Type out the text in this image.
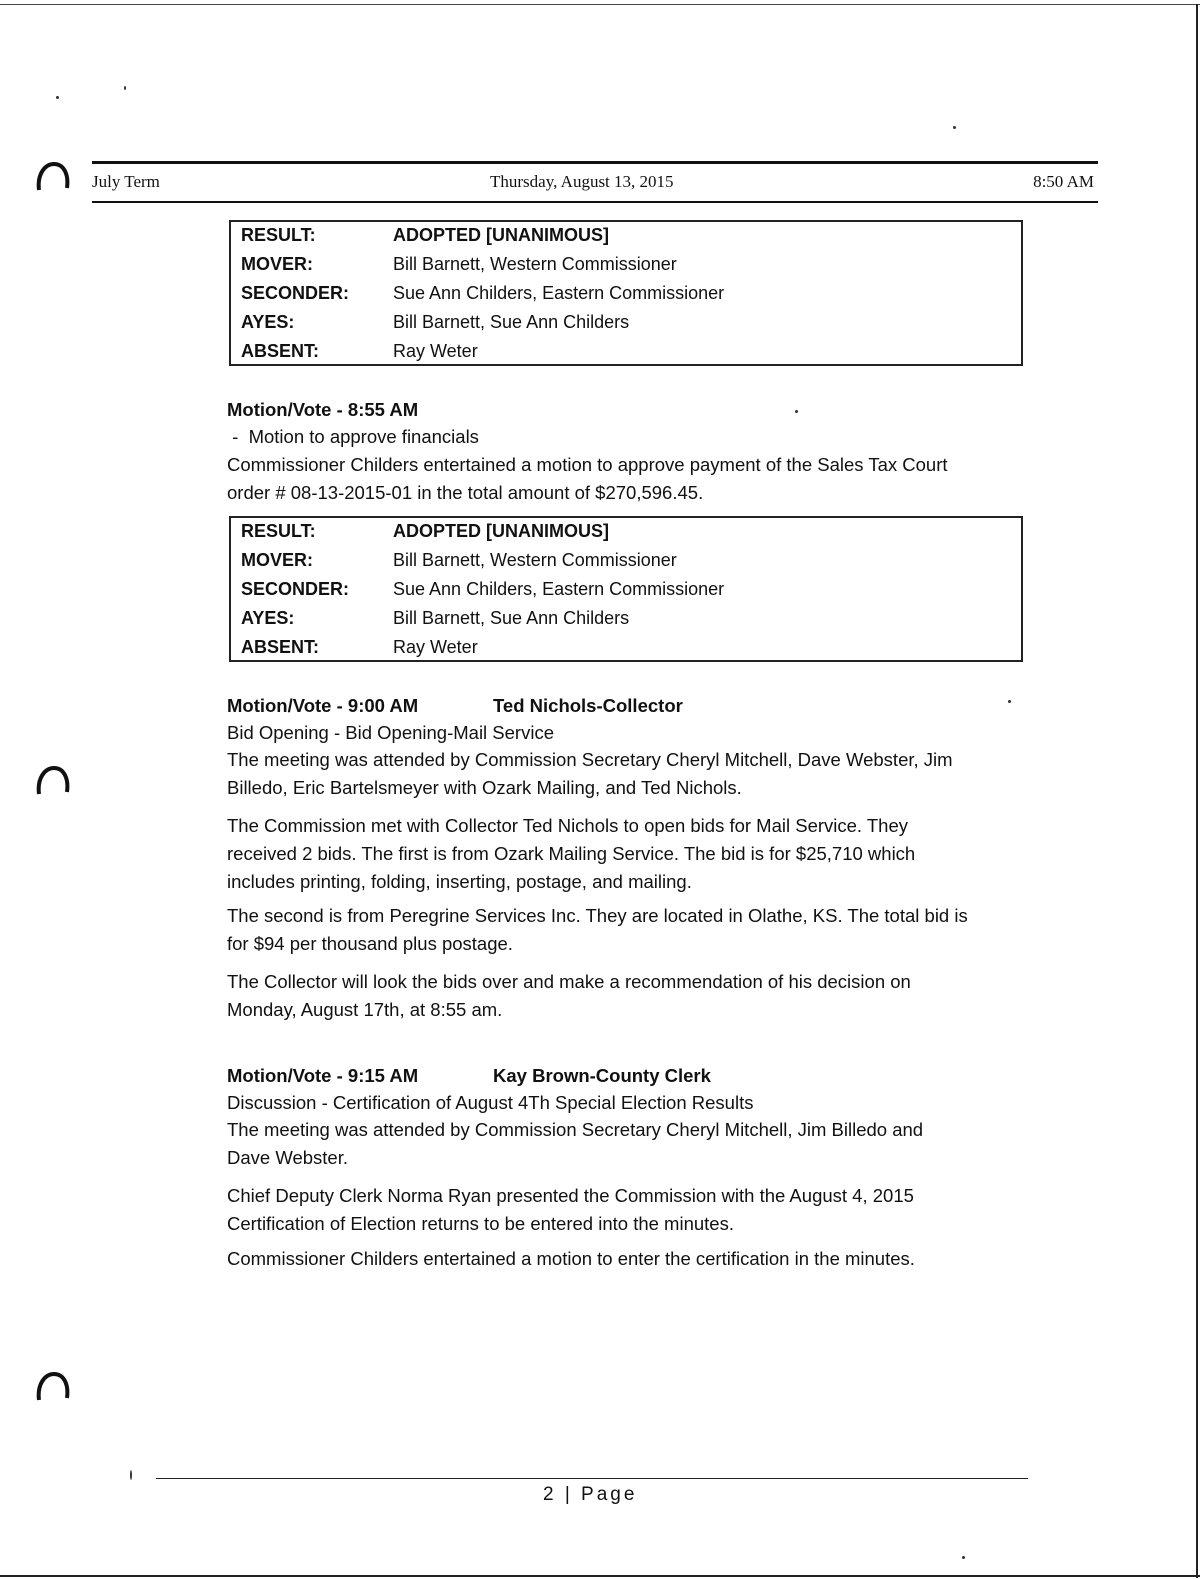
July Term	Thursday, August 13, 2015	8:50 AM
RESULT:	ADOPTED [UNANIMOUS]
MOVER:	Bill Barnett, Western Commissioner
SECONDER: Sue Ann Childers, Eastern Commissioner
AYES:	Bill Barnett, Sue Ann Childers
ABSENT:	Ray Weter
Motion/Vote - 8:55 AM
-  Motion to approve financials
Commissioner Childers entertained a motion to approve payment of the Sales Tax Court
order # 08-13-2015-01 in the total amount of $270,596.45.
RESULT:	ADOPTED [UNANIMOUS]
MOVER:	Bill Barnett, Western Commissioner
SECONDER: Sue Ann Childers, Eastern Commissioner
AYES:	Bill Barnett, Sue Ann Childers
ABSENT:	Ray Weter
Motion/Vote - 9:00 AM	Ted Nichols-Collector
Bid Opening - Bid Opening-Mail Service
The meeting was attended by Commission Secretary Cheryl Mitchell, Dave Webster, Jim
Billedo, Eric Bartelsmeyer with Ozark Mailing, and Ted Nichols.
The Commission met with Collector Ted Nichols to open bids for Mail Service. They
received 2 bids. The first is from Ozark Mailing Service. The bid is for $25,710 which
includes printing, folding, inserting, postage, and mailing.
The second is from Peregrine Services Inc. They are located in Olathe, KS. The total bid is
for $94 per thousand plus postage.
The Collector will look the bids over and make a recommendation of his decision on
Monday, August 17th, at 8:55 am.
Motion/Vote - 9:15 AM	Kay Brown-County Clerk
Discussion - Certification of August 4Th Special Election Results
The meeting was attended by Commission Secretary Cheryl Mitchell, Jim Billedo and
Dave Webster.
Chief Deputy Clerk Norma Ryan presented the Commission with the August 4, 2015
Certification of Election returns to be entered into the minutes.
Commissioner Childers entertained a motion to enter the certification in the minutes.
2 | Page
